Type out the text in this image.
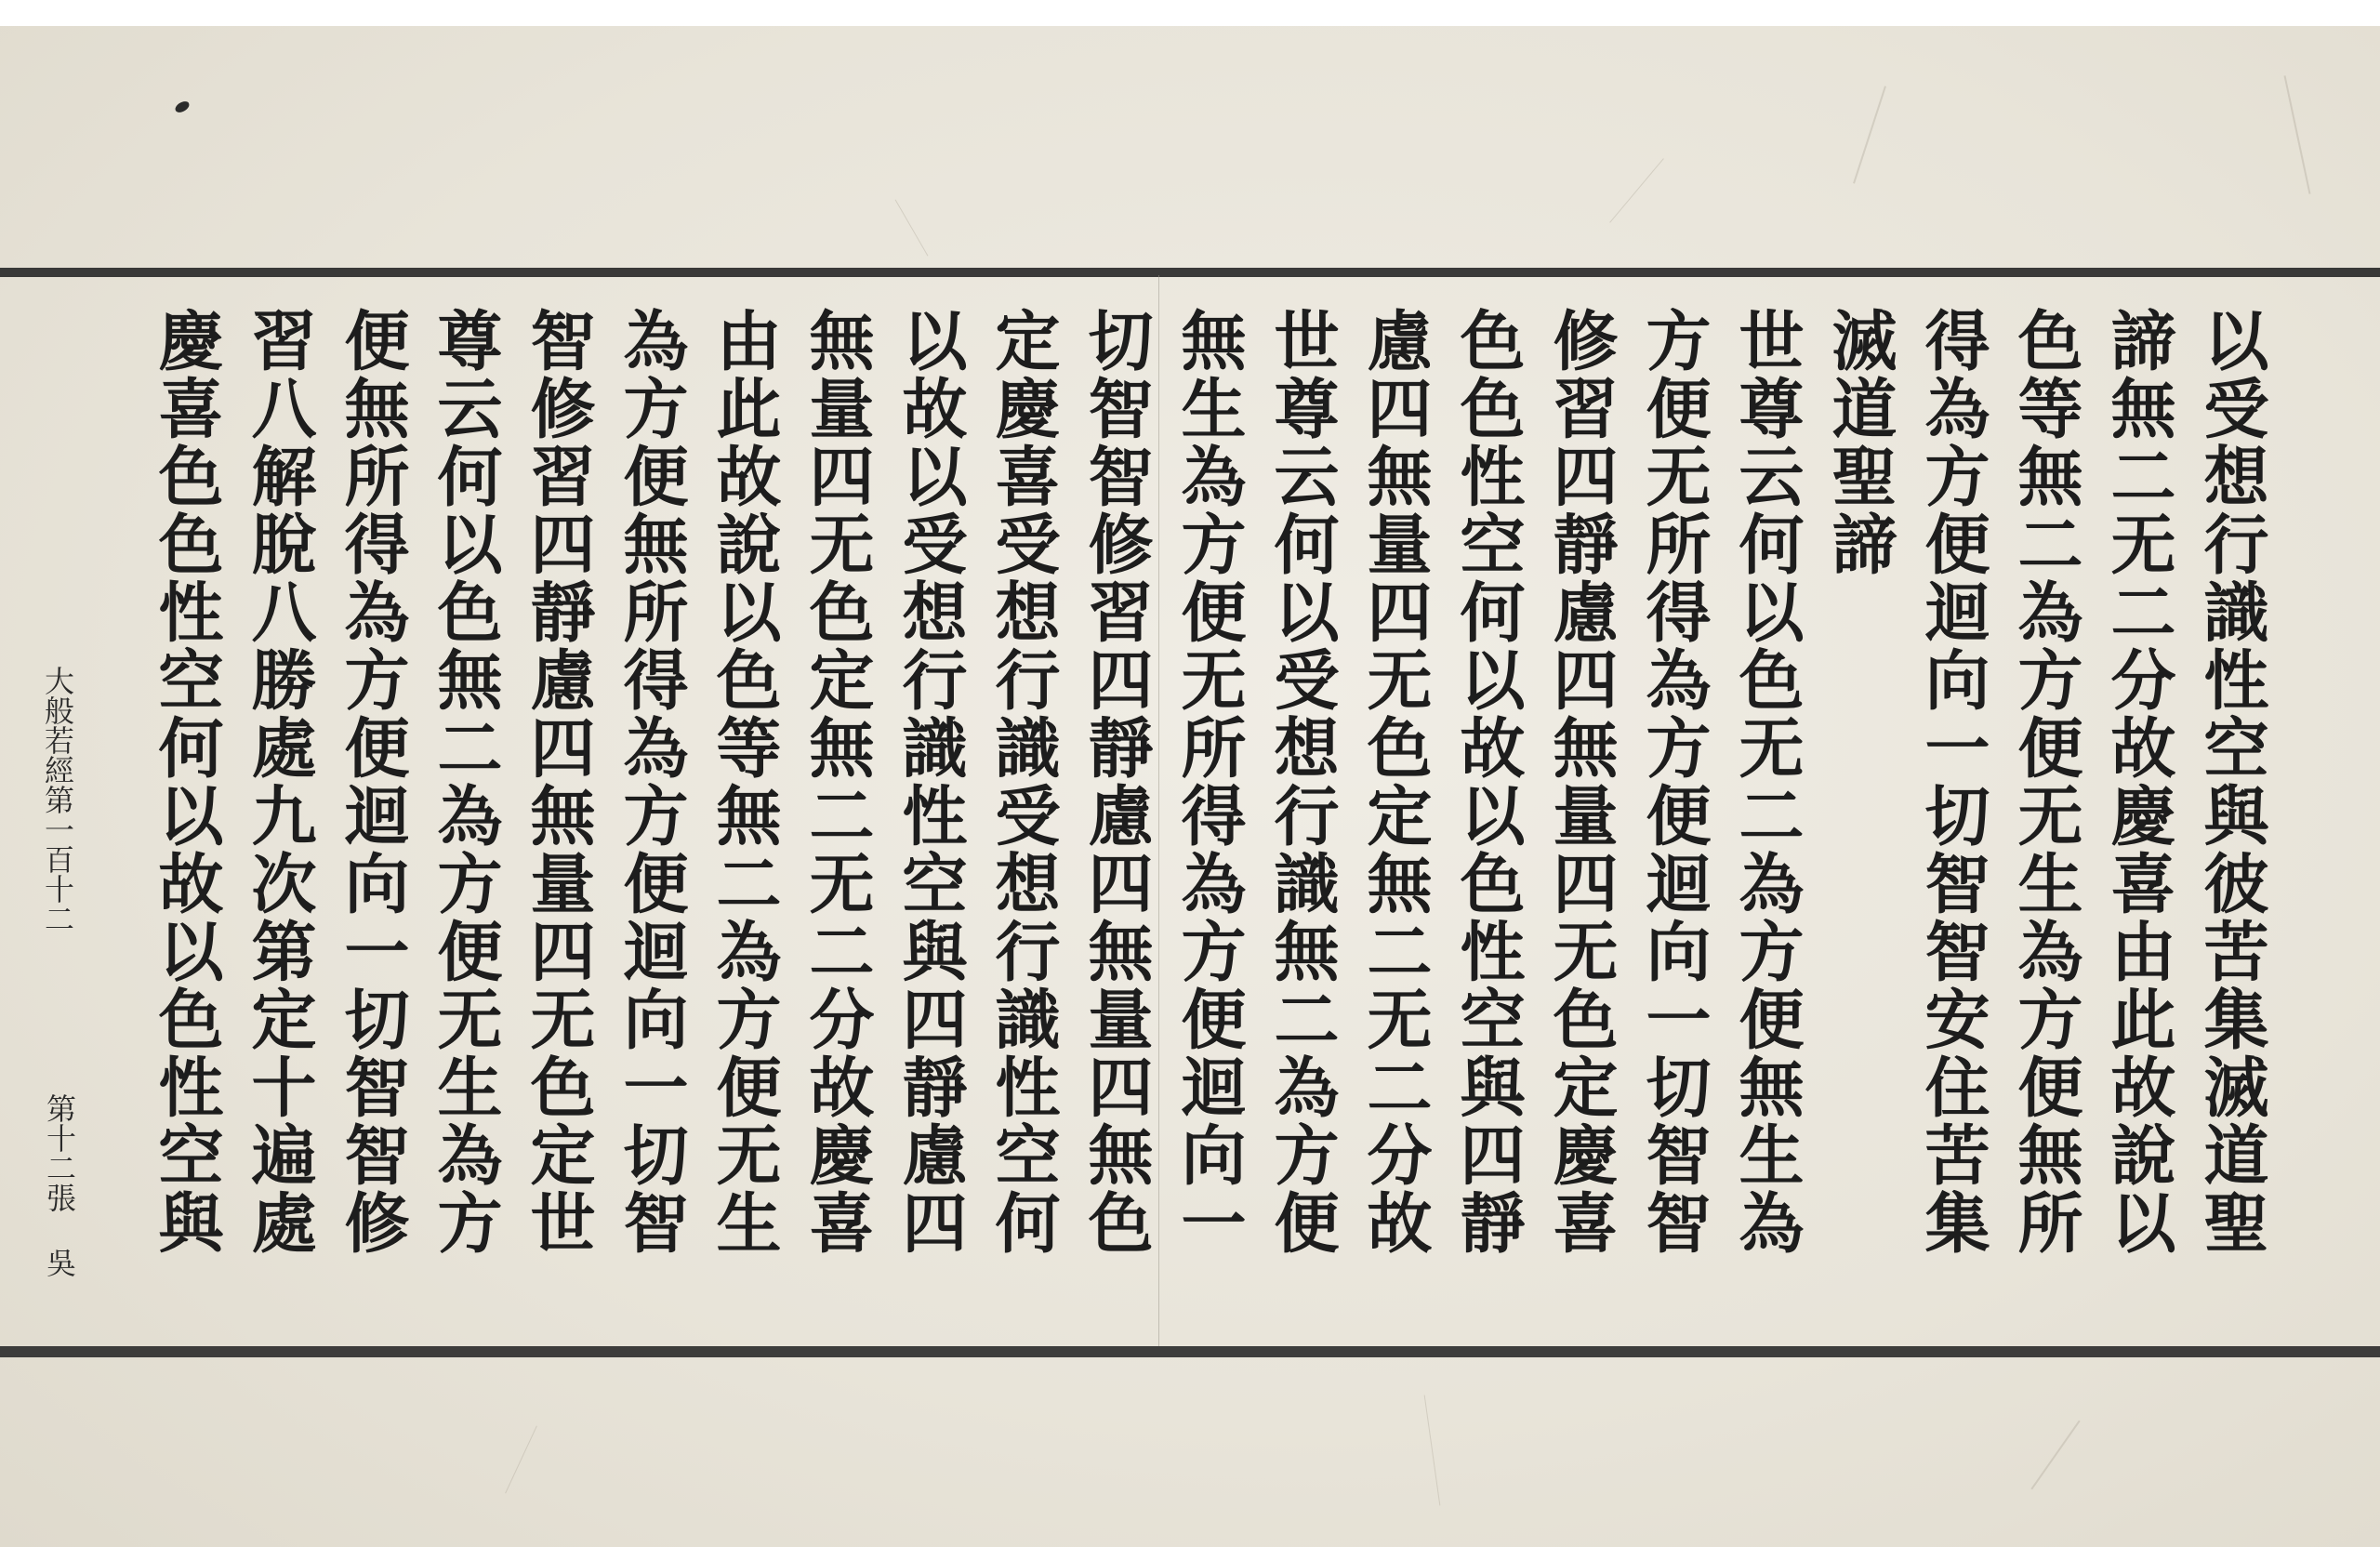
以受想行識性空與彼苦集滅道聖
諦無二无二分故慶喜由此故說以
色等無二為方便无生為方便無所
得為方便迴向一切智智安住苦集
滅道聖諦
世尊云何以色无二為方便無生為
方便无所得為方便迴向一切智智
修習四靜慮四無量四无色定慶喜
色色性空何以故以色性空與四靜
慮四無量四无色定無二无二分故
世尊云何以受想行識無二為方便
無生為方便无所得為方便迴向一
切智智修習四靜慮四無量四無色
定慶喜受想行識受想行識性空何
以故以受想行識性空與四靜慮四
無量四无色定無二无二分故慶喜
由此故說以色等無二為方便无生
為方便無所得為方便迴向一切智
智修習四靜慮四無量四无色定世
尊云何以色無二為方便无生為方
便無所得為方便迴向一切智智修
習八解脫八勝處九次第定十遍處
慶喜色色性空何以故以色性空與
大般若經第一百十二
第十二張 吳
